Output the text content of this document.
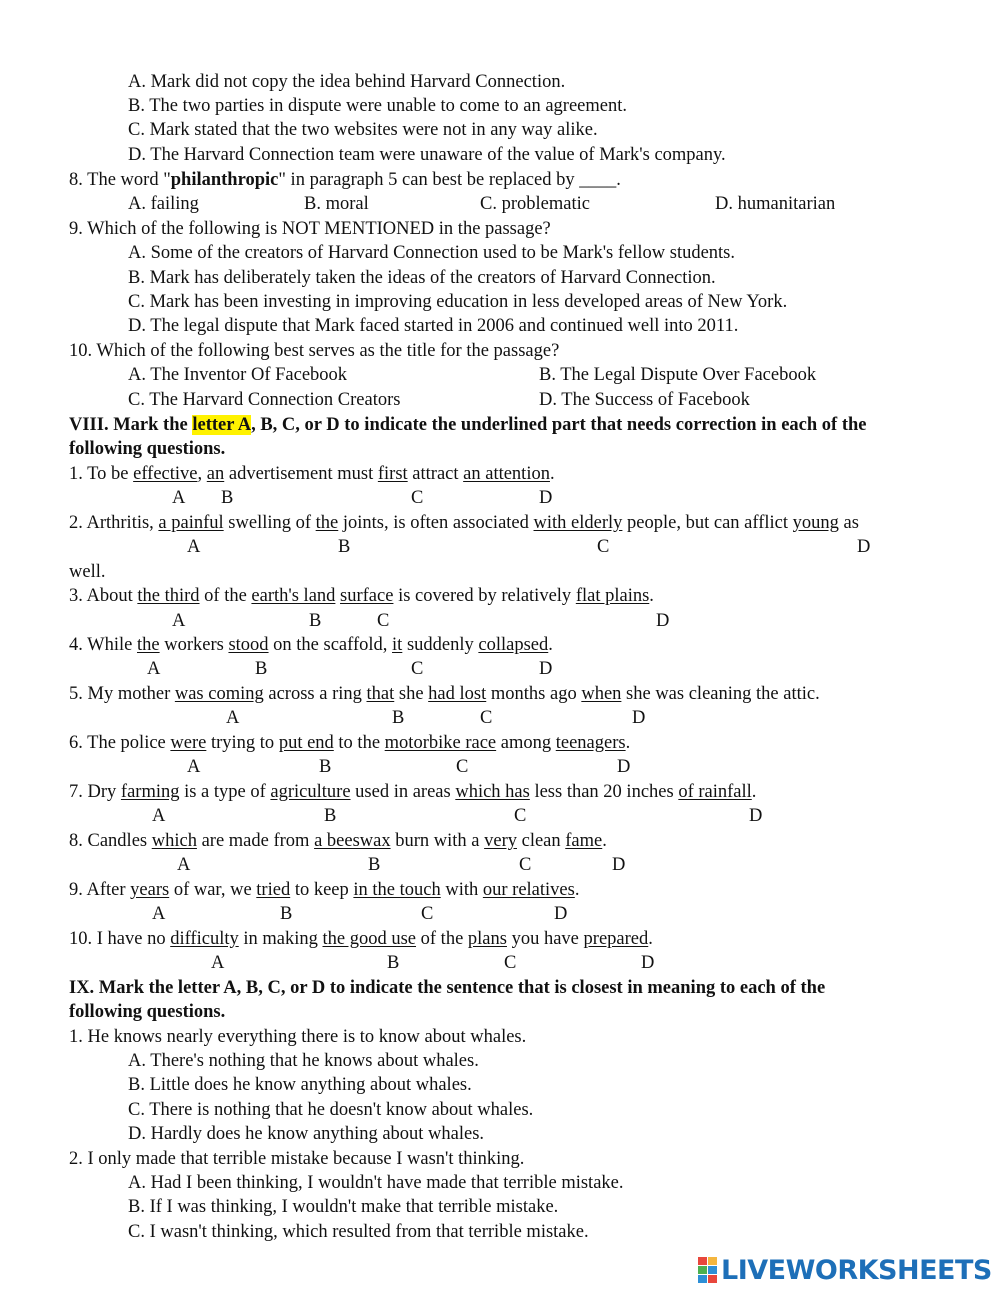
A. Mark did not copy the idea behind Harvard Connection.
B. The two parties in dispute were unable to come to an agreement.
C. Mark stated that the two websites were not in any way alike.
D. The Harvard Connection team were unaware of the value of Mark's company.
8. The word "philanthropic" in paragraph 5 can best be replaced by ____.
A. failing	B. moral	C. problematic	D. humanitarian
9. Which of the following is NOT MENTIONED in the passage?
A. Some of the creators of Harvard Connection used to be Mark's fellow students.
B. Mark has deliberately taken the ideas of the creators of Harvard Connection.
C. Mark has been investing in improving education in less developed areas of New York.
D. The legal dispute that Mark faced started in 2006 and continued well into 2011.
10. Which of the following best serves as the title for the passage?
A. The Inventor Of Facebook	B. The Legal Dispute Over Facebook
C. The Harvard Connection Creators	D. The Success of Facebook
VIII. Mark the letter A, B, C, or D to indicate the underlined part that needs correction in each of the
following questions.
1. To be effective, an advertisement must first attract an attention.
A B	C	D
2. Arthritis, a painful swelling of the joints, is often associated with elderly people, but can afflict young as
A	B	C	D
well.
3. About the third of the earth's land surface is covered by relatively flat plains.
A	B	C	D
4. While the workers stood on the scaffold, it suddenly collapsed.
A	B	C	D
5. My mother was coming across a ring that she had lost months ago when she was cleaning the attic.
A	B	C	D
6. The police were trying to put end to the motorbike race among teenagers.
A	B	C	D
7. Dry farming is a type of agriculture used in areas which has less than 20 inches of rainfall.
A	B	C	D
8. Candles which are made from a beeswax burn with a very clean fame.
A	B	C	D
9. After years of war, we tried to keep in the touch with our relatives.
A	B	C	D
10. I have no difficulty in making the good use of the plans you have prepared.
A	B	C	D
IX. Mark the letter A, B, C, or D to indicate the sentence that is closest in meaning to each of the
following questions.
1. He knows nearly everything there is to know about whales.
A. There's nothing that he knows about whales.
B. Little does he know anything about whales.
C. There is nothing that he doesn't know about whales.
D. Hardly does he know anything about whales.
2. I only made that terrible mistake because I wasn't thinking.
A. Had I been thinking, I wouldn't have made that terrible mistake.
B. If I was thinking, I wouldn't make that terrible mistake.
C. I wasn't thinking, which resulted from that terrible mistake.
LIVEWORKSHEETS
